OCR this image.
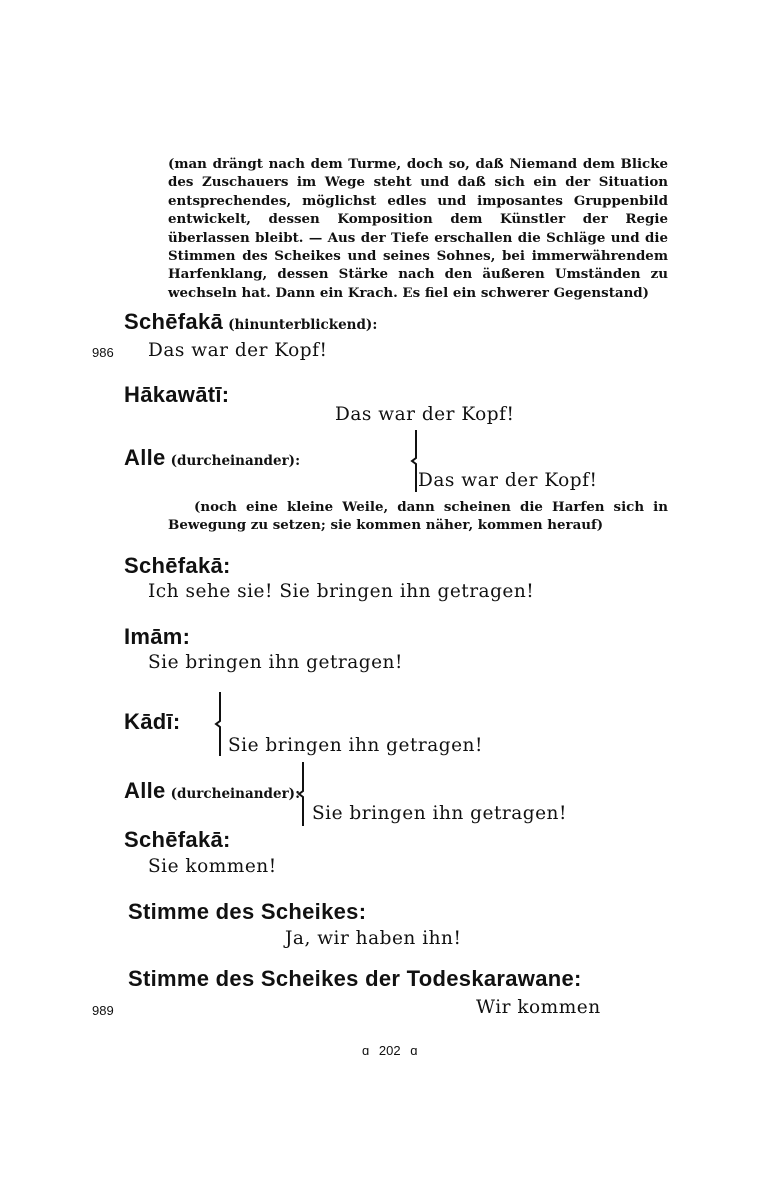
(man drängt nach dem Turme, doch so, daß Niemand dem Blicke des Zuschauers im Wege steht und daß sich ein der Situation entsprechendes, möglichst edles und imposantes Gruppenbild entwickelt, dessen Komposition dem Künstler der Regie überlassen bleibt. — Aus der Tiefe erschallen die Schläge und die Stimmen des Scheikes und seines Sohnes, bei immerwährendem Harfenklang, dessen Stärke nach den äußeren Umständen zu wechseln hat. Dann ein Krach. Es fiel ein schwerer Gegenstand)
Schēfakā (hinunterblickend):
986 Das war der Kopf!
Hākawātī:
Das war der Kopf!
Alle (durcheinander):
Das war der Kopf!
(noch eine kleine Weile, dann scheinen die Harfen sich in Bewegung zu setzen; sie kommen näher, kommen herauf)
Schēfakā:
Ich sehe sie! Sie bringen ihn getragen!
Imām:
Sie bringen ihn getragen!
Kādī:
Sie bringen ihn getragen!
Alle (durcheinander):
Sie bringen ihn getragen!
Schēfakā:
Sie kommen!
Stimme des Scheikes:
Ja, wir haben ihn!
Stimme des Scheikes der Todeskarawane:
989	Wir kommen
ɑ 202 ɑ
